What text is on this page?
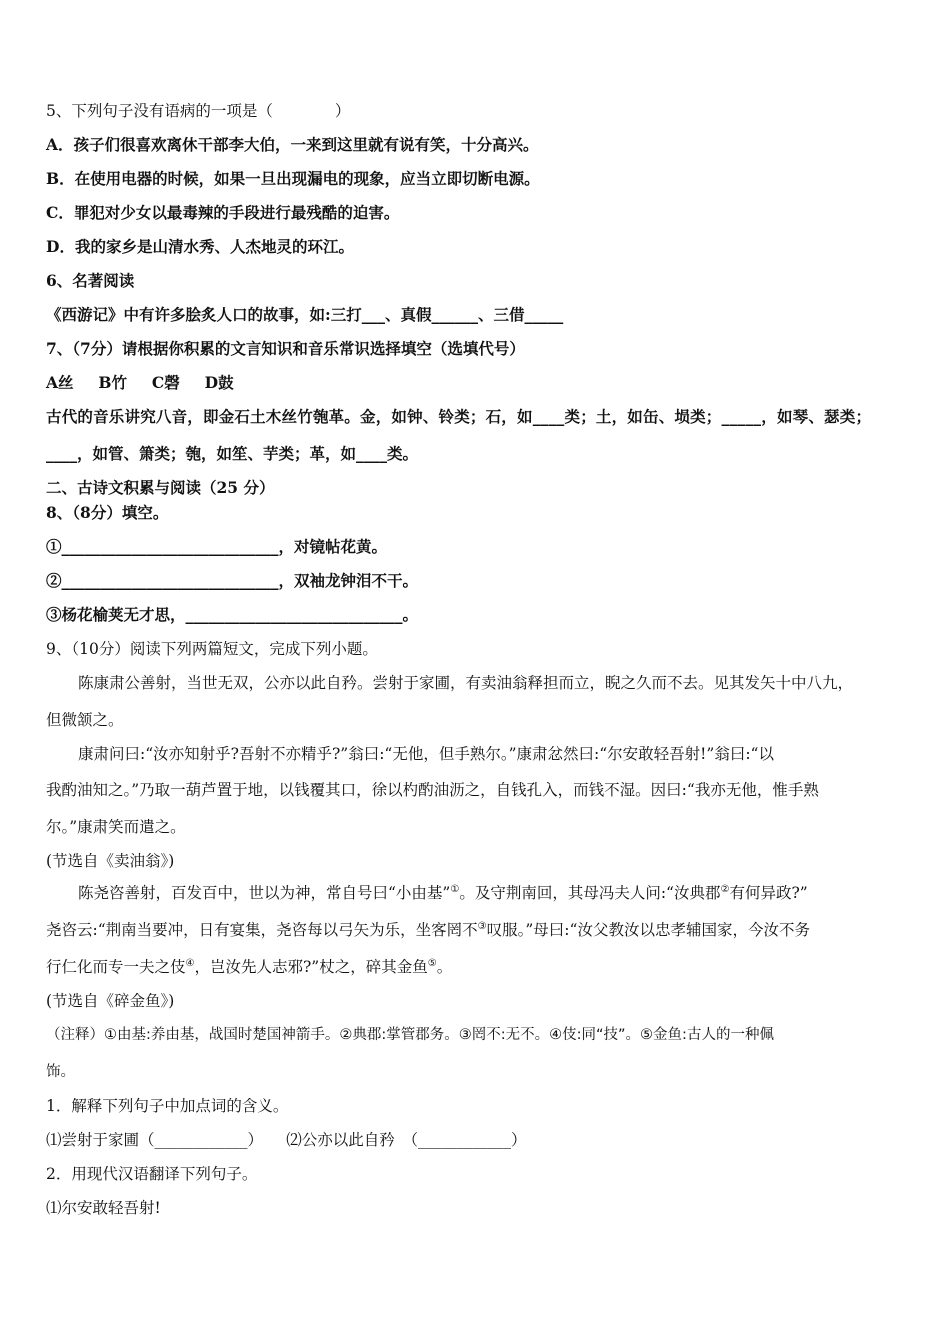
5、下列句子没有语病的一项是（　　　　）
A．孩子们很喜欢离休干部李大伯，一来到这里就有说有笑，十分高兴。
B．在使用电器的时候，如果一旦出现漏电的现象，应当立即切断电源。
C．罪犯对少女以最毒辣的手段进行最残酷的迫害。
D．我的家乡是山清水秀、人杰地灵的环江。
6、名著阅读
《西游记》中有许多脍炙人口的故事，如:三打___、真假______、三借_____
7、（7分）请根据你积累的文言知识和音乐常识选择填空（选填代号）
A丝　 B竹　 C磬　 D鼓
古代的音乐讲究八音，即金石土木丝竹匏革。金，如钟、铃类；石，如____类；土，如缶、埙类；_____，如琴、瑟类；
____，如管、箫类；匏，如笙、芋类；革，如____类。
二、古诗文积累与阅读（25 分）
8、（8分）填空。
①____________________________，对镜帖花黄。
②____________________________，双袖龙钟泪不干。
③杨花榆荚无才思，____________________________。
9、（10分）阅读下列两篇短文，完成下列小题。
陈康肃公善射，当世无双，公亦以此自矜。尝射于家圃，有卖油翁释担而立，睨之久而不去。见其发矢十中八九，
但微颔之。
康肃问曰:“汝亦知射乎?吾射不亦精乎?”翁曰:“无他，但手熟尔。”康肃忿然曰:“尔安敢轻吾射!”翁曰:“以
我酌油知之。”乃取一葫芦置于地，以钱覆其口，徐以杓酌油沥之，自钱孔入，而钱不湿。因曰:“我亦无他，惟手熟
尔。”康肃笑而遣之。
(节选自《卖油翁》)
陈尧咨善射，百发百中，世以为神，常自号曰“小由基”①。及守荆南回，其母冯夫人问:“汝典郡②有何异政?”
尧咨云:“荆南当要冲，日有宴集，尧咨每以弓矢为乐，坐客罔不③叹服。”母曰:“汝父教汝以忠孝辅国家，今汝不务
行仁化而专一夫之伎④，岂汝先人志邪?”杖之，碎其金鱼⑤。
(节选自《碎金鱼》)
（注释）①由基:养由基，战国时楚国神箭手。②典郡:掌管郡务。③罔不:无不。④伎:同“技”。⑤金鱼:古人的一种佩
饰。
1．解释下列句子中加点词的含义。
⑴尝射于家圃（____________）　　⑵公亦以此自矜　（____________）
2．用现代汉语翻译下列句子。
⑴尔安敢轻吾射!
